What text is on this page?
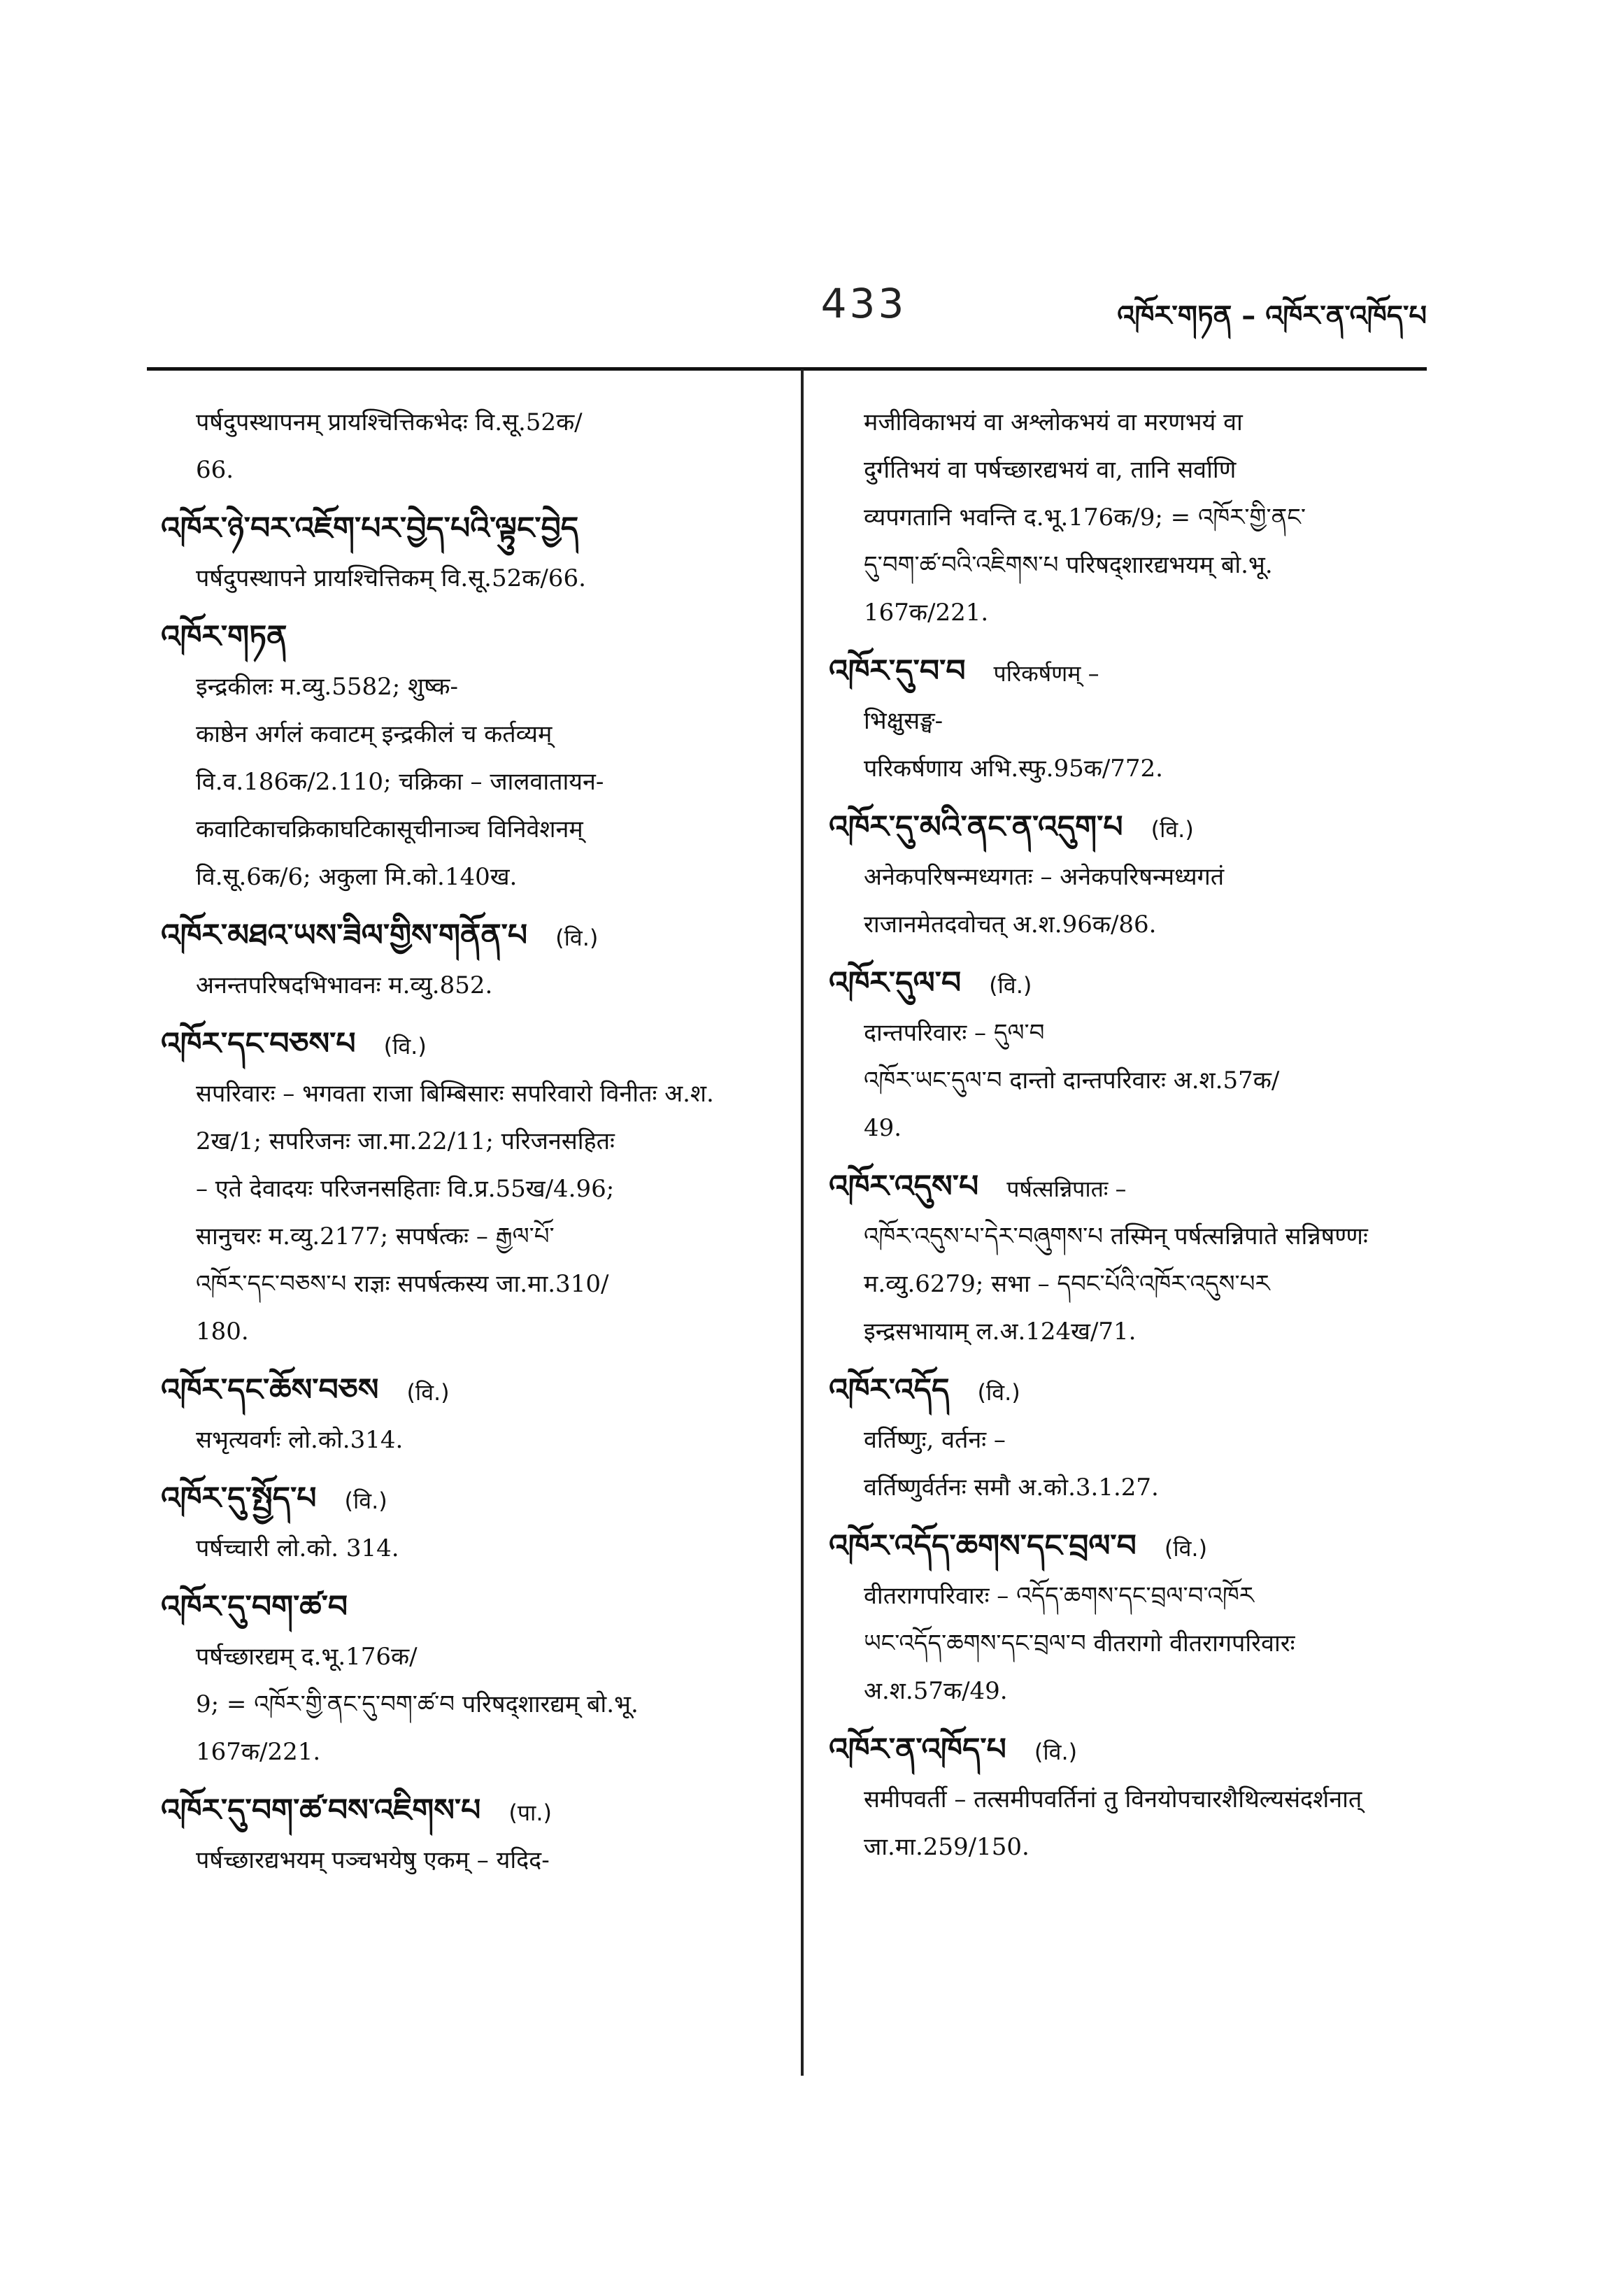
433	འཁོར་གཏན – འཁོར་ན་འཁོད་པ
पर्षदुपस्थापनम् प्रायश्चित्तिकभेदः वि.सू.52क/
66.
འཁོར་ཉེ་བར་འཇོག་པར་བྱེད་པའི་ལྟུང་བྱེད
पर्षदुपस्थापने प्रायश्चित्तिकम् वि.सू.52क/66.
འཁོར་གཏན
इन्द्रकीलः म.व्यु.5582; शुष्क-
काष्ठेन अर्गलं कवाटम् इन्द्रकीलं च कर्तव्यम्
वि.व.186क/2.110; चक्रिका – जालवातायन-
कवाटिकाचक्रिकाघटिकासूचीनाञ्च विनिवेशनम्
वि.सू.6क/6; अकुला मि.को.140ख.
འཁོར་མཐའ་ཡས་ཟིལ་གྱིས་གནོན་པ (वि.)
अनन्तपरिषदभिभावनः म.व्यु.852.
འཁོར་དང་བཅས་པ (वि.)
सपरिवारः – भगवता राजा बिम्बिसारः सपरिवारो विनीतः अ.श.
2ख/1; सपरिजनः जा.मा.22/11; परिजनसहितः
– एते देवादयः परिजनसहिताः वि.प्र.55ख/4.96;
सानुचरः म.व्यु.2177; सपर्षत्कः – རྒྱལ་པོ་
འཁོར་དང་བཅས་པ राज्ञः सपर्षत्कस्य जा.मा.310/
180.
འཁོར་དང་ཆོས་བཅས (वि.)
सभृत्यवर्गः लो.को.314.
འཁོར་དུ་སྤྱོད་པ (वि.)
पर्षच्चारी लो.को. 314.
འཁོར་དུ་བག་ཚ་བ
पर्षच्छारद्यम् द.भू.176क/
9; = འཁོར་གྱི་ནང་དུ་བག་ཚ་བ परिषद्शारद्यम् बो.भू.
167क/221.
འཁོར་དུ་བག་ཚ་བས་འཇིགས་པ (पा.)
पर्षच्छारद्यभयम् पञ्चभयेषु एकम् – यदिद-
मजीविकाभयं वा अश्लोकभयं वा मरणभयं वा
दुर्गतिभयं वा पर्षच्छारद्यभयं वा, तानि सर्वाणि
व्यपगतानि भवन्ति द.भू.176क/9; = འཁོར་གྱི་ནང་
དུ་བག་ཚ་བའི་འཇིགས་པ परिषद्शारद्यभयम् बो.भू.
167क/221.
འཁོར་དུ་བ་བ परिकर्षणम् –
भिक्षुसङ्घ-
परिकर्षणाय अभि.स्फु.95क/772.
འཁོར་དུ་མའི་ནང་ན་འདུག་པ (वि.)
अनेकपरिषन्मध्यगतः – अनेकपरिषन्मध्यगतं
राजानमेतदवोचत् अ.श.96क/86.
འཁོར་དུལ་བ (वि.)
दान्तपरिवारः – དུལ་བ
འཁོར་ཡང་དུལ་བ दान्तो दान्तपरिवारः अ.श.57क/
49.
འཁོར་འདུས་པ पर्षत्सन्निपातः –
འཁོར་འདུས་པ་དེར་བཞུགས་པ तस्मिन् पर्षत्सन्निपाते सन्निषण्णः
म.व्यु.6279; सभा – དབང་པོའི་འཁོར་འདུས་པར
इन्द्रसभायाम् ल.अ.124ख/71.
འཁོར་འདོད (वि.)
वर्तिष्णुः, वर्तनः –
वर्तिष्णुर्वर्तनः समौ अ.को.3.1.27.
འཁོར་འདོད་ཆགས་དང་བྲལ་བ (वि.)
वीतरागपरिवारः – འདོད་ཆགས་དང་བྲལ་བ་འཁོར
ཡང་འདོད་ཆགས་དང་བྲལ་བ वीतरागो वीतरागपरिवारः
अ.श.57क/49.
འཁོར་ན་འཁོད་པ (वि.)
समीपवर्ती – तत्समीपवर्तिनां तु विनयोपचारशैथिल्यसंदर्शनात्
जा.मा.259/150.
